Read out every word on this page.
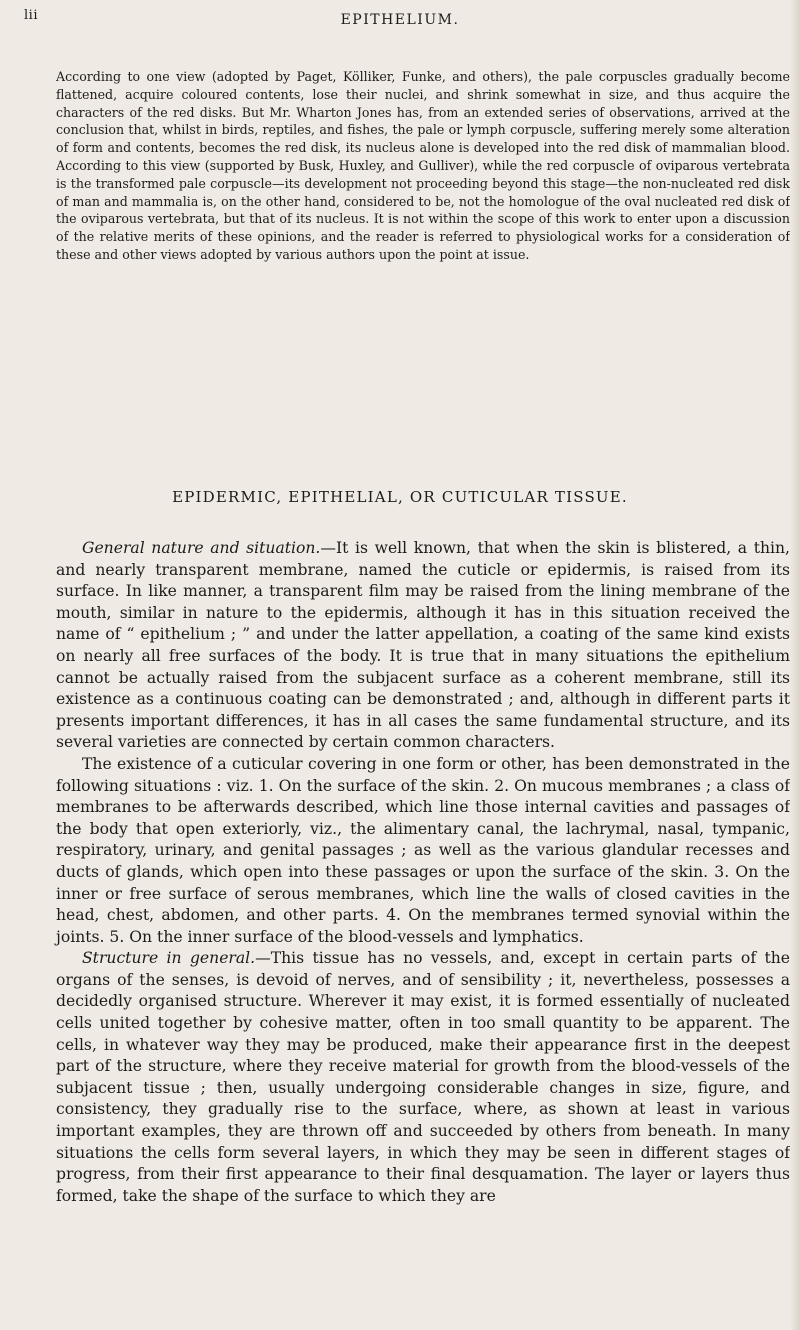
lii	EPITHELIUM.

According to one view (adopted by Paget, Kölliker, Funke, and others), the pale corpuscles gradually become flattened, acquire coloured contents, lose their nuclei, and shrink somewhat in size, and thus acquire the characters of the red disks. But Mr. Wharton Jones has, from an extended series of observations, arrived at the conclusion that, whilst in birds, reptiles, and fishes, the pale or lymph corpuscle, suffering merely some alteration of form and contents, becomes the red disk, its nucleus alone is developed into the red disk of mammalian blood. According to this view (supported by Busk, Huxley, and Gulliver), while the red corpuscle of oviparous vertebrata is the transformed pale corpuscle—its development not proceeding beyond this stage—the non-nucleated red disk of man and mammalia is, on the other hand, considered to be, not the homologue of the oval nucleated red disk of the oviparous vertebrata, but that of its nucleus. It is not within the scope of this work to enter upon a discussion of the relative merits of these opinions, and the reader is referred to physiological works for a consideration of these and other views adopted by various authors upon the point at issue.

EPIDERMIC, EPITHELIAL, OR CUTICULAR TISSUE.

General nature and situation.—It is well known, that when the skin is blistered, a thin, and nearly transparent membrane, named the cuticle or epidermis, is raised from its surface. In like manner, a transparent film may be raised from the lining membrane of the mouth, similar in nature to the epidermis, although it has in this situation received the name of “ epithelium ; ” and under the latter appellation, a coating of the same kind exists on nearly all free surfaces of the body. It is true that in many situations the epithelium cannot be actually raised from the subjacent surface as a coherent membrane, still its existence as a continuous coating can be demonstrated ; and, although in different parts it presents important differences, it has in all cases the same fundamental structure, and its several varieties are connected by certain common characters.

The existence of a cuticular covering in one form or other, has been demonstrated in the following situations : viz. 1. On the surface of the skin. 2. On mucous membranes ; a class of membranes to be afterwards described, which line those internal cavities and passages of the body that open exteriorly, viz., the alimentary canal, the lachrymal, nasal, tympanic, respiratory, urinary, and genital passages ; as well as the various glandular recesses and ducts of glands, which open into these passages or upon the surface of the skin. 3. On the inner or free surface of serous membranes, which line the walls of closed cavities in the head, chest, abdomen, and other parts. 4. On the membranes termed synovial within the joints. 5. On the inner surface of the blood-vessels and lymphatics.

Structure in general.—This tissue has no vessels, and, except in certain parts of the organs of the senses, is devoid of nerves, and of sensibility ; it, nevertheless, possesses a decidedly organised structure. Wherever it may exist, it is formed essentially of nucleated cells united together by cohesive matter, often in too small quantity to be apparent. The cells, in whatever way they may be produced, make their appearance first in the deepest part of the structure, where they receive material for growth from the blood-vessels of the subjacent tissue ; then, usually undergoing considerable changes in size, figure, and consistency, they gradually rise to the surface, where, as shown at least in various important examples, they are thrown off and succeeded by others from beneath. In many situations the cells form several layers, in which they may be seen in different stages of progress, from their first appearance to their final desquamation. The layer or layers thus formed, take the shape of the surface to which they are
